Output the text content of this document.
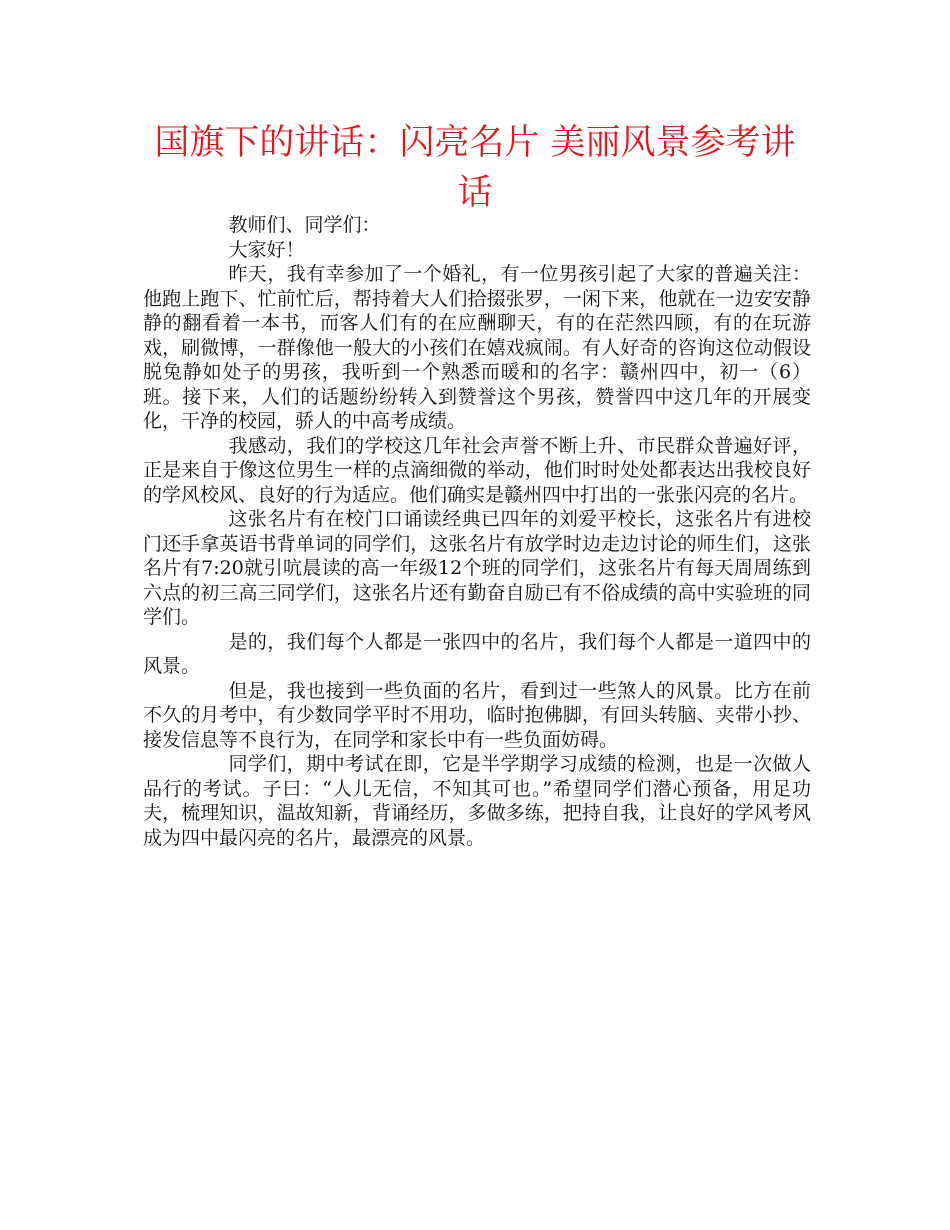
国旗下的讲话：闪亮名片 美丽风景参考讲话

教师们、同学们：

大家好！

昨天，我有幸参加了一个婚礼，有一位男孩引起了大家的普遍关注：他跑上跑下、忙前忙后，帮持着大人们拾掇张罗，一闲下来，他就在一边安安静静的翻看着一本书，而客人们有的在应酬聊天，有的在茫然四顾，有的在玩游戏，刷微博，一群像他一般大的小孩们在嬉戏疯闹。有人好奇的咨询这位动假设脱兔静如处子的男孩，我听到一个熟悉而暖和的名字：赣州四中，初一（6）班。接下来，人们的话题纷纷转入到赞誉这个男孩，赞誉四中这几年的开展变化，干净的校园，骄人的中高考成绩。

我感动，我们的学校这几年社会声誉不断上升、市民群众普遍好评，正是来自于像这位男生一样的点滴细微的举动，他们时时处处都表达出我校良好的学风校风、良好的行为适应。他们确实是赣州四中打出的一张张闪亮的名片。

这张名片有在校门口诵读经典已四年的刘爱平校长，这张名片有进校门还手拿英语书背单词的同学们，这张名片有放学时边走边讨论的师生们，这张名片有7:20就引吭晨读的高一年级12个班的同学们，这张名片有每天周周练到六点的初三高三同学们，这张名片还有勤奋自励已有不俗成绩的高中实验班的同学们。

是的，我们每个人都是一张四中的名片，我们每个人都是一道四中的风景。

但是，我也接到一些负面的名片，看到过一些煞人的风景。比方在前不久的月考中，有少数同学平时不用功，临时抱佛脚，有回头转脑、夹带小抄、接发信息等不良行为，在同学和家长中有一些负面妨碍。

同学们，期中考试在即，它是半学期学习成绩的检测，也是一次做人品行的考试。子曰：“人儿无信，不知其可也。”希望同学们潜心预备，用足功夫，梳理知识，温故知新，背诵经历，多做多练，把持自我，让良好的学风考风成为四中最闪亮的名片，最漂亮的风景。
